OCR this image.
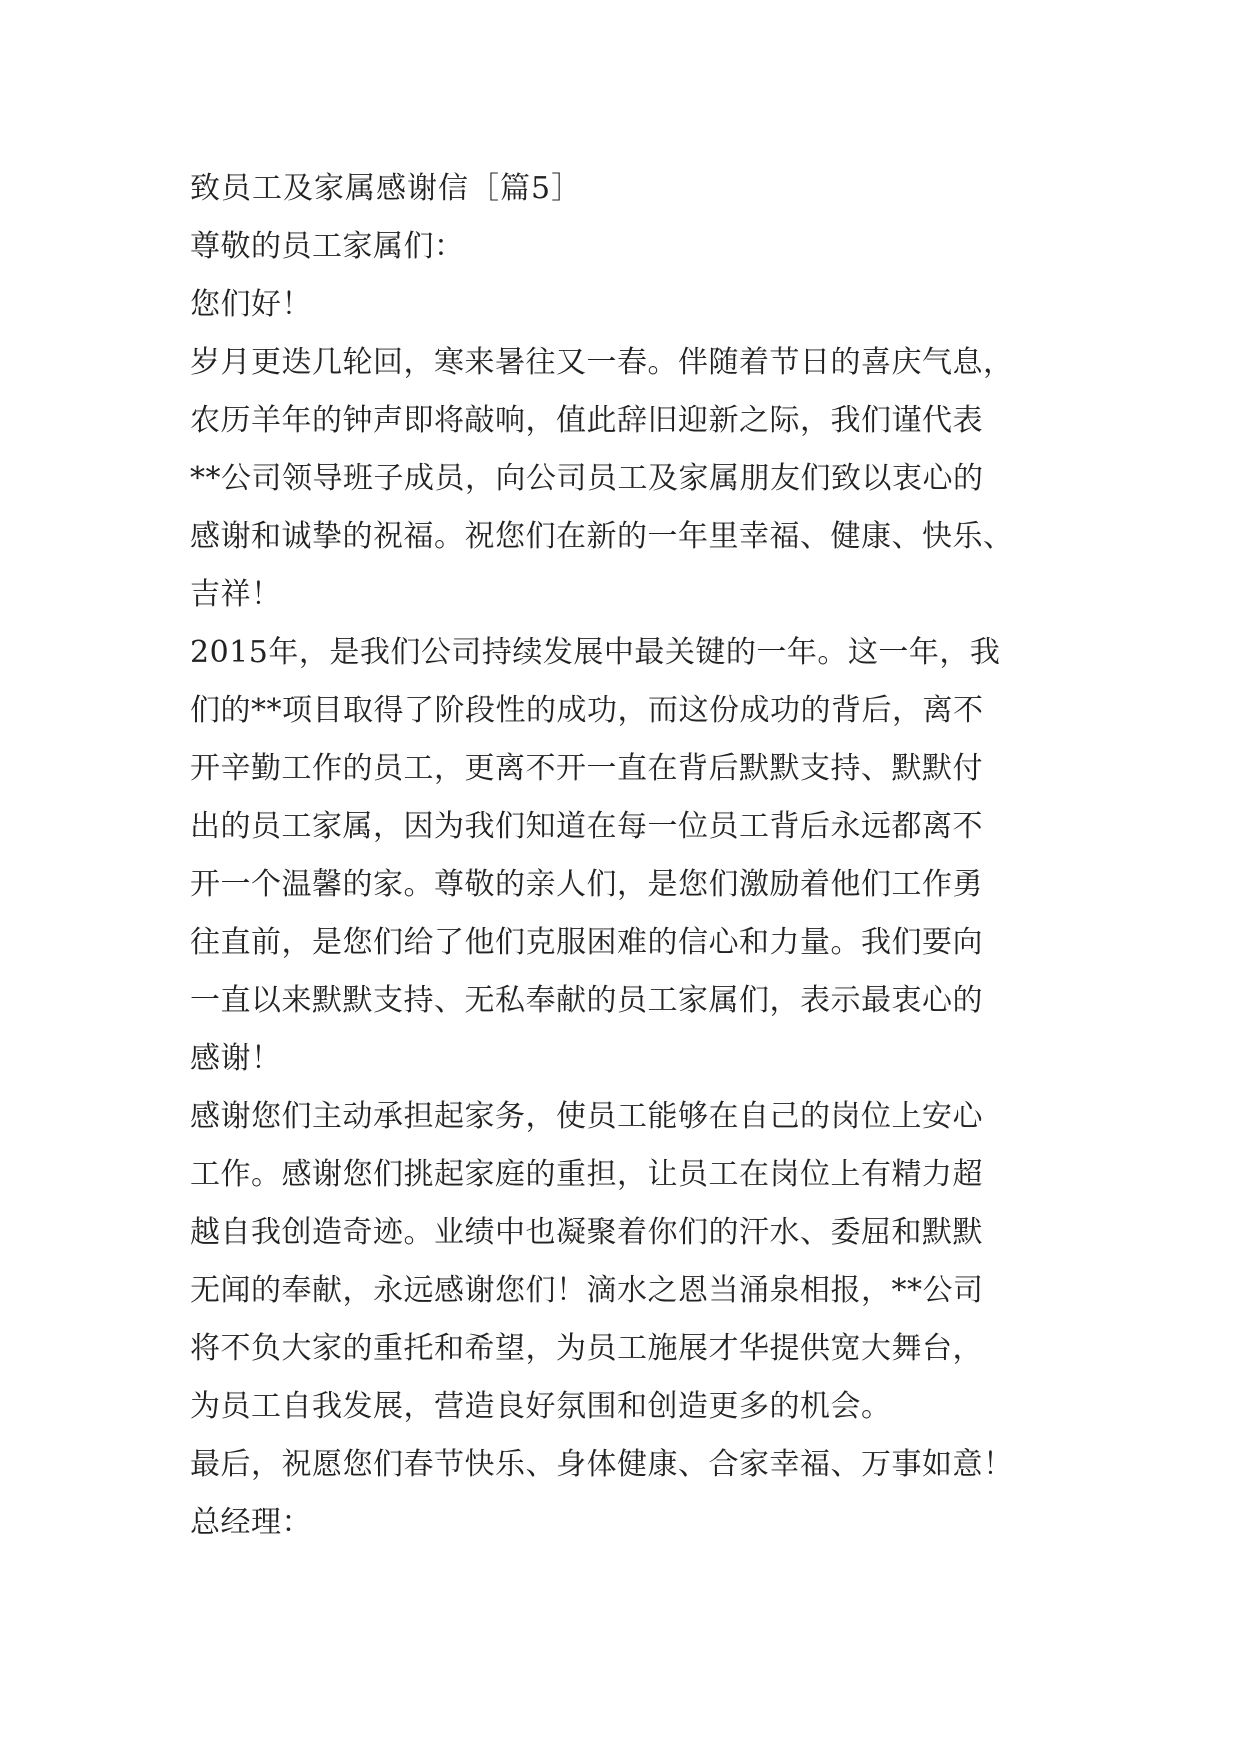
致员工及家属感谢信［篇5］
尊敬的员工家属们：
您们好！
岁月更迭几轮回，寒来暑往又一春。伴随着节日的喜庆气息，
农历羊年的钟声即将敲响，值此辞旧迎新之际，我们谨代表
**公司领导班子成员，向公司员工及家属朋友们致以衷心的
感谢和诚挚的祝福。祝您们在新的一年里幸福、健康、快乐、
吉祥！
2015年，是我们公司持续发展中最关键的一年。这一年，我
们的**项目取得了阶段性的成功，而这份成功的背后，离不
开辛勤工作的员工，更离不开一直在背后默默支持、默默付
出的员工家属，因为我们知道在每一位员工背后永远都离不
开一个温馨的家。尊敬的亲人们，是您们激励着他们工作勇
往直前，是您们给了他们克服困难的信心和力量。我们要向
一直以来默默支持、无私奉献的员工家属们，表示最衷心的
感谢！
感谢您们主动承担起家务，使员工能够在自己的岗位上安心
工作。感谢您们挑起家庭的重担，让员工在岗位上有精力超
越自我创造奇迹。业绩中也凝聚着你们的汗水、委屈和默默
无闻的奉献，永远感谢您们！滴水之恩当涌泉相报，**公司
将不负大家的重托和希望，为员工施展才华提供宽大舞台，
为员工自我发展，营造良好氛围和创造更多的机会。
最后，祝愿您们春节快乐、身体健康、合家幸福、万事如意！
总经理：
